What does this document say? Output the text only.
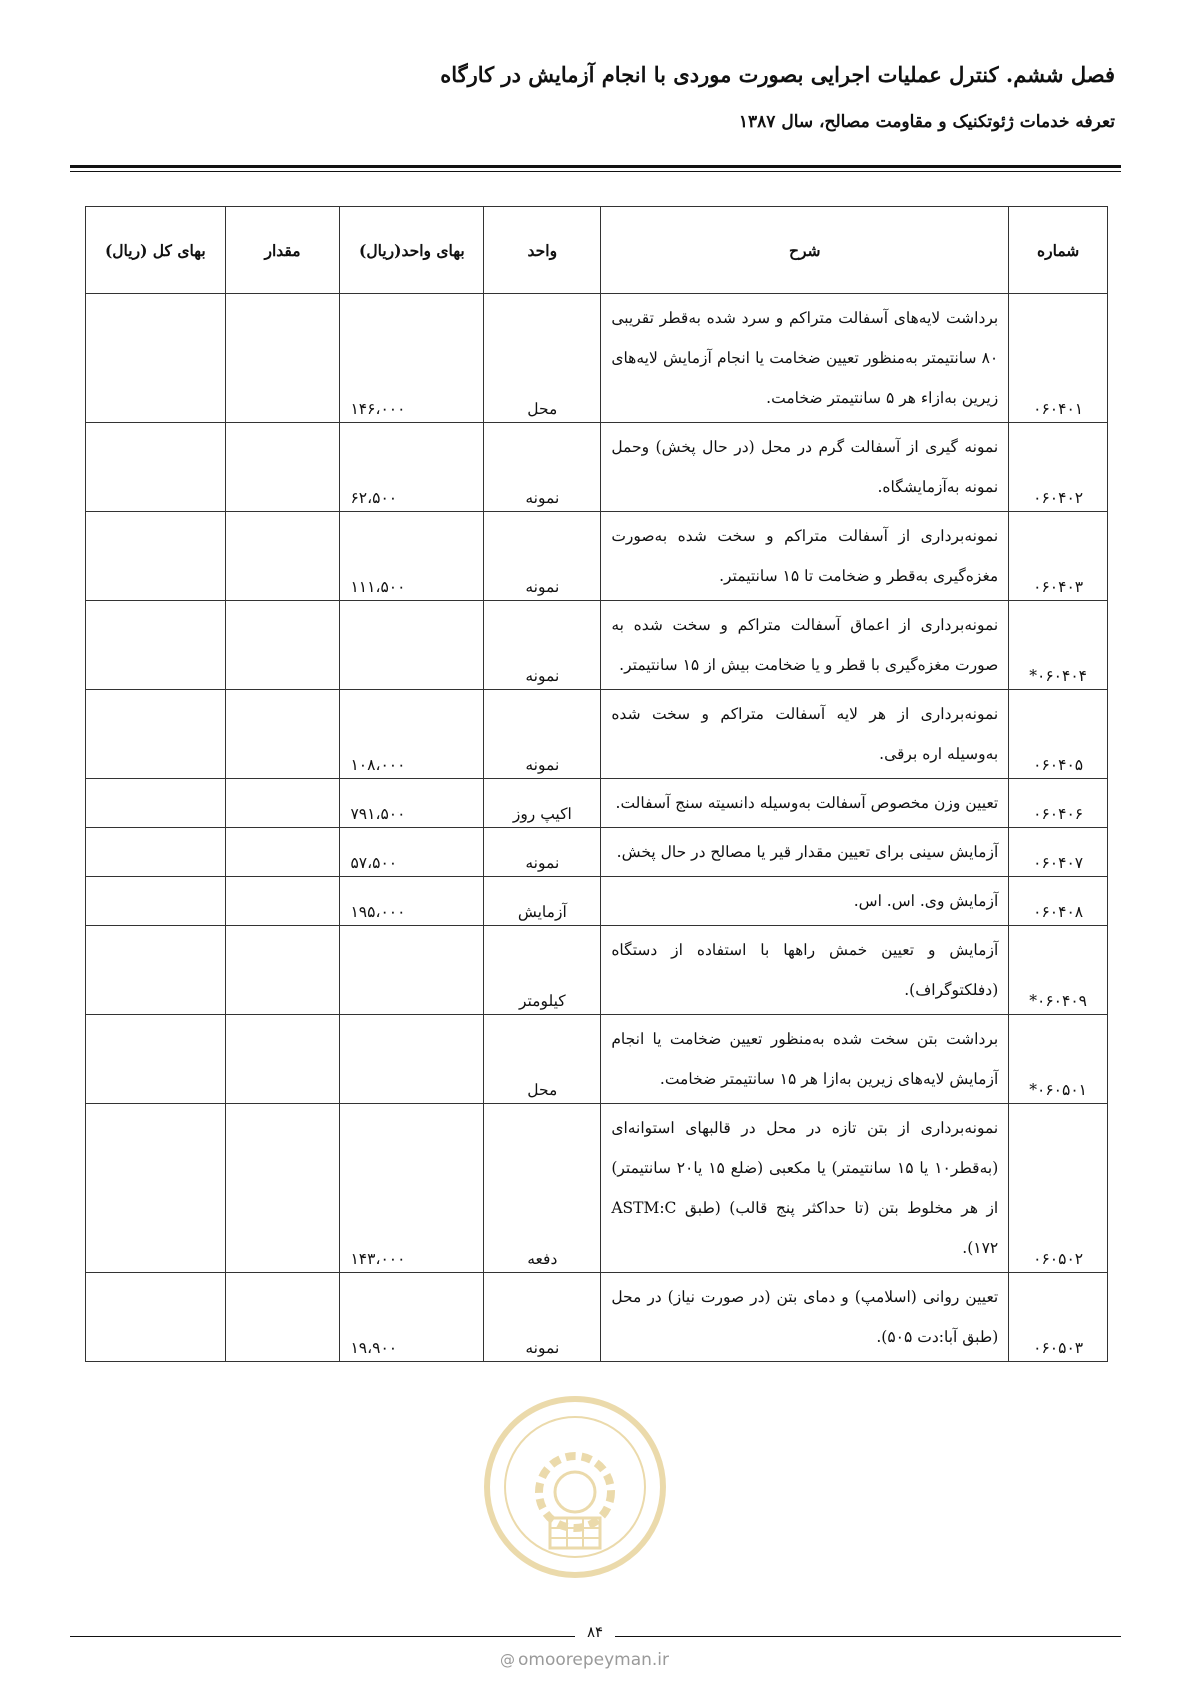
فصل ششم. کنترل عملیات اجرایی بصورت موردی با انجام آزمایش در کارگاه
تعرفه خدمات ژئوتکنیک و مقاومت مصالح، سال ۱۳۸۷
شماره	شرح	واحد	بهای واحد(ریال)	مقدار	بهای کل (ریال)
۰۶۰۴۰۱	برداشت لایه‌های آسفالت متراکم و سرد شده به‌قطر تقریبی ۸۰ سانتیمتر به‌منظور تعیین ضخامت یا انجام آزمایش لایه‌های زیرین به‌ازاء هر ۵ سانتیمتر ضخامت.	محل	۱۴۶،۰۰۰		
۰۶۰۴۰۲	نمونه گیری از آسفالت گرم در محل (در حال پخش) وحمل نمونه به‌آزمایشگاه.	نمونه	۶۲،۵۰۰		
۰۶۰۴۰۳	نمونه‌برداری از آسفالت متراکم و سخت شده به‌صورت مغزه‌گیری به‌قطر و ضخامت تا ۱۵ سانتیمتر.	نمونه	۱۱۱،۵۰۰		
۰۶۰۴۰۴*	نمونه‌برداری از اعماق آسفالت متراکم و سخت شده به صورت مغزه‌گیری با قطر و یا ضخامت بیش از ۱۵ سانتیمتر.	نمونه			
۰۶۰۴۰۵	نمونه‌برداری از هر لایه آسفالت متراکم و سخت شده به‌وسیله اره برقی.	نمونه	۱۰۸،۰۰۰		
۰۶۰۴۰۶	تعیین وزن مخصوص آسفالت به‌وسیله دانسیته سنج آسفالت.	اکیپ روز	۷۹۱،۵۰۰		
۰۶۰۴۰۷	آزمایش سینی برای تعیین مقدار قیر یا مصالح در حال پخش.	نمونه	۵۷،۵۰۰		
۰۶۰۴۰۸	آزمایش وی. اس. اس.	آزمایش	۱۹۵،۰۰۰		
۰۶۰۴۰۹*	آزمایش و تعیین خمش راهها با استفاده از دستگاه (دفلکتوگراف).	کیلومتر			
۰۶۰۵۰۱*	برداشت بتن سخت شده به‌منظور تعیین ضخامت یا انجام آزمایش لایه‌های زیرین به‌ازا هر ۱۵ سانتیمتر ضخامت.	محل			
۰۶۰۵۰۲	نمونه‌برداری از بتن تازه در محل در قالبهای استوانه‌ای (به‌قطر۱۰ یا ۱۵ سانتیمتر) یا مکعبی (ضلع ۱۵ یا۲۰ سانتیمتر) از هر مخلوط بتن (تا حداکثر پنج قالب) (طبق ASTM:C ۱۷۲).	دفعه	۱۴۳،۰۰۰		
۰۶۰۵۰۳	تعیین روانی (اسلامپ) و دمای بتن (در صورت نیاز) در محل (طبق آبا:دت ۵۰۵).	نمونه	۱۹،۹۰۰		
۸۴
@ omoorepeyman.ir
